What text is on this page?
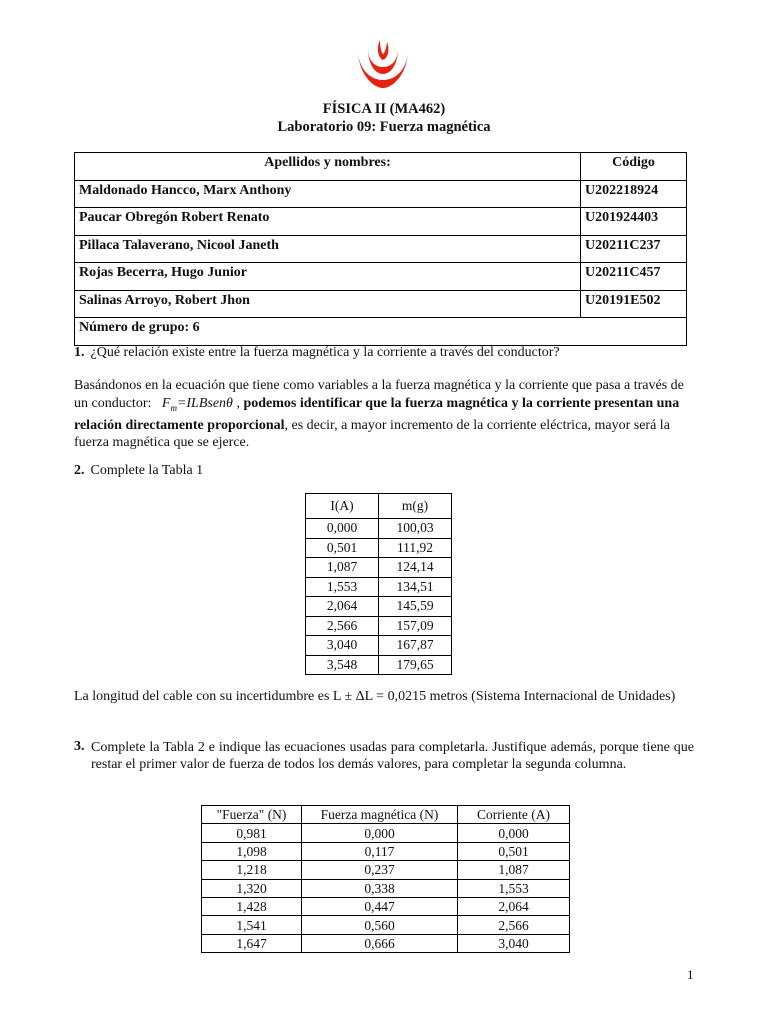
FÍSICA II (MA462)
Laboratorio 09: Fuerza magnética
Apellidos y nombres:	Código
Maldonado Hancco, Marx Anthony	U202218924
Paucar Obregón Robert Renato	U201924403
Pillaca Talaverano, Nicool Janeth	U20211C237
Rojas Becerra, Hugo Junior	U20211C457
Salinas Arroyo, Robert Jhon	U20191E502
Número de grupo: 6	
1. ¿Qué relación existe entre la fuerza magnética y la corriente a través del conductor?
Basándonos en la ecuación que tiene como variables a la fuerza magnética y la corriente que pasa a través de un conductor: $F_m=ILBsen\theta$ , podemos identificar que la fuerza magnética y la corriente presentan una relación directamente proporcional, es decir, a mayor incremento de la corriente eléctrica, mayor será la fuerza magnética que se ejerce.
2. Complete la Tabla 1
I(A)	m(g)
0,000	100,03
0,501	111,92
1,087	124,14
1,553	134,51
2,064	145,59
2,566	157,09
3,040	167,87
3,548	179,65
La longitud del cable con su incertidumbre es L ± ΔL = 0,0215 metros (Sistema Internacional de Unidades)
3. Complete la Tabla 2 e indique las ecuaciones usadas para completarla. Justifique además, porque tiene que restar el primer valor de fuerza de todos los demás valores, para completar la segunda columna.
"Fuerza" (N)	Fuerza magnética (N)	Corriente (A)
0,981	0,000	0,000
1,098	0,117	0,501
1,218	0,237	1,087
1,320	0,338	1,553
1,428	0,447	2,064
1,541	0,560	2,566
1,647	0,666	3,040
1
